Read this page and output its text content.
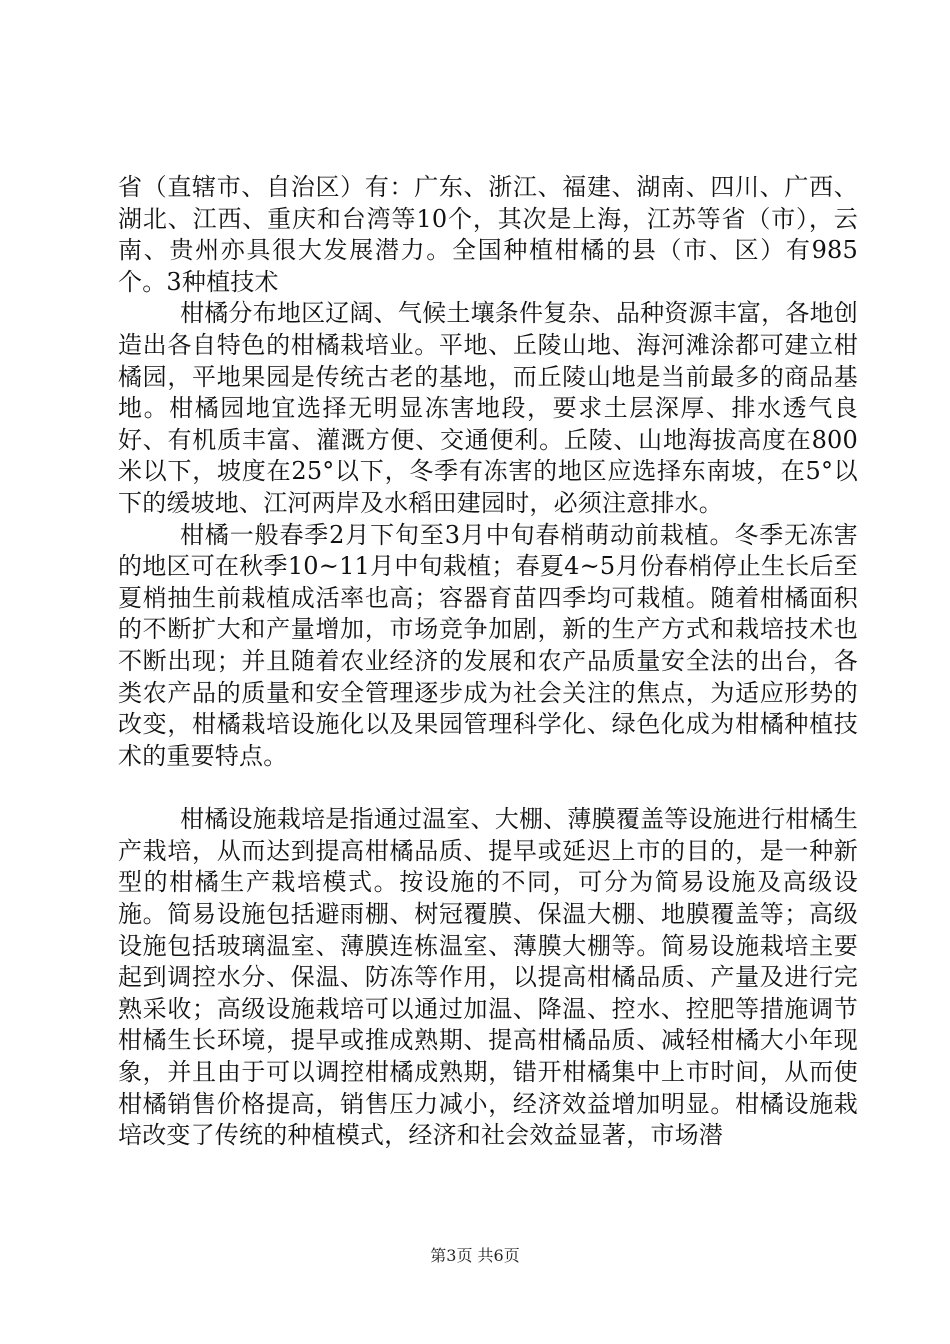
省（直辖市、自治区）有：广东、浙江、福建、湖南、四川、广西、湖北、江西、重庆和台湾等10个，其次是上海，江苏等省（市），云南、贵州亦具很大发展潜力。全国种植柑橘的县（市、区）有985个。3种植技术

柑橘分布地区辽阔、气候土壤条件复杂、品种资源丰富，各地创造出各自特色的柑橘栽培业。平地、丘陵山地、海河滩涂都可建立柑橘园，平地果园是传统古老的基地，而丘陵山地是当前最多的商品基地。柑橘园地宜选择无明显冻害地段，要求土层深厚、排水透气良好、有机质丰富、灌溉方便、交通便利。丘陵、山地海拔高度在800米以下，坡度在25°以下，冬季有冻害的地区应选择东南坡，在5°以下的缓坡地、江河两岸及水稻田建园时，必须注意排水。

柑橘一般春季2月下旬至3月中旬春梢萌动前栽植。冬季无冻害的地区可在秋季10~11月中旬栽植；春夏4~5月份春梢停止生长后至夏梢抽生前栽植成活率也高；容器育苗四季均可栽植。随着柑橘面积的不断扩大和产量增加，市场竞争加剧，新的生产方式和栽培技术也不断出现；并且随着农业经济的发展和农产品质量安全法的出台，各类农产品的质量和安全管理逐步成为社会关注的焦点，为适应形势的改变，柑橘栽培设施化以及果园管理科学化、绿色化成为柑橘种植技术的重要特点。

柑橘设施栽培是指通过温室、大棚、薄膜覆盖等设施进行柑橘生产栽培，从而达到提高柑橘品质、提早或延迟上市的目的，是一种新型的柑橘生产栽培模式。按设施的不同，可分为简易设施及高级设施。简易设施包括避雨棚、树冠覆膜、保温大棚、地膜覆盖等；高级设施包括玻璃温室、薄膜连栋温室、薄膜大棚等。简易设施栽培主要起到调控水分、保温、防冻等作用，以提高柑橘品质、产量及进行完熟采收；高级设施栽培可以通过加温、降温、控水、控肥等措施调节柑橘生长环境，提早或推成熟期、提高柑橘品质、减轻柑橘大小年现象，并且由于可以调控柑橘成熟期，错开柑橘集中上市时间，从而使柑橘销售价格提高，销售压力减小，经济效益增加明显。柑橘设施栽培改变了传统的种植模式，经济和社会效益显著，市场潜

第3页 共6页
